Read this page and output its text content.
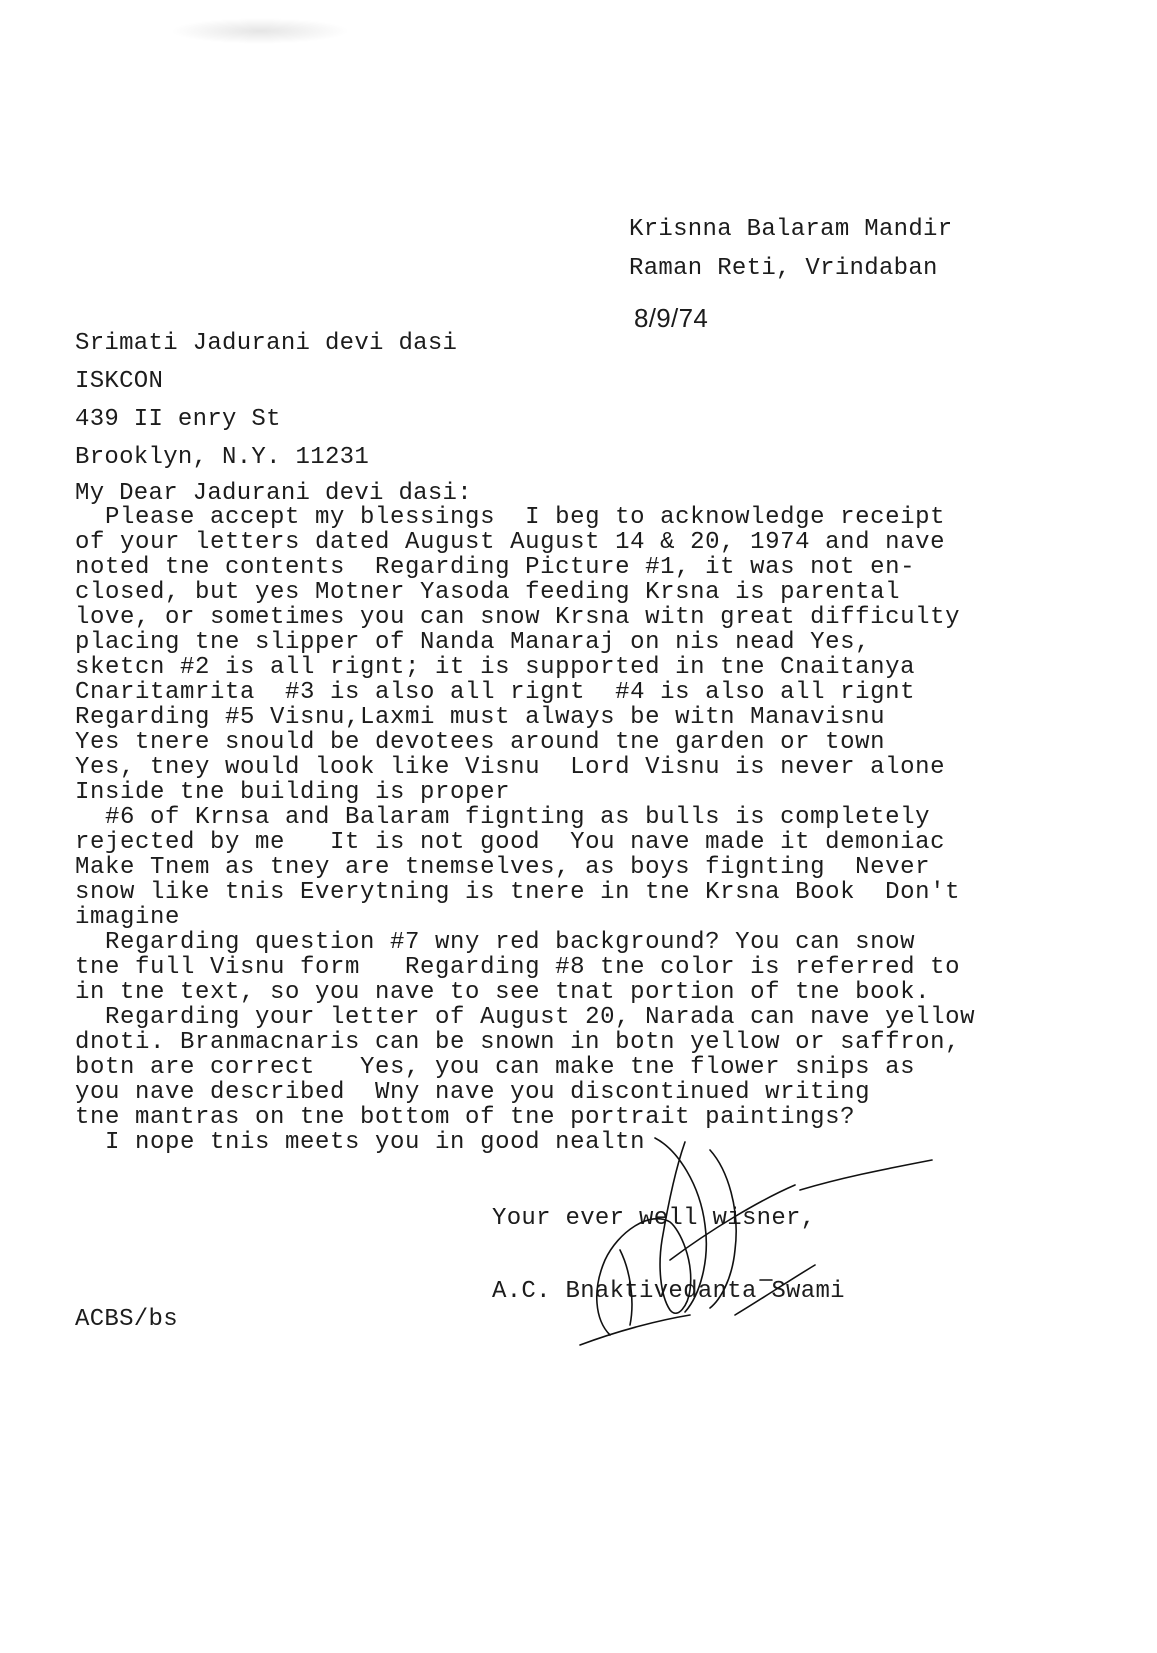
Krisnna Balaram Mandir
Raman Reti, Vrindaban
8/9/74
Srimati Jadurani devi dasi
ISKCON
439 II enry St
Brooklyn, N.Y. 11231
My Dear Jadurani devi dasi:
Please accept my blessings  I beg to acknowledge receipt
of your letters dated August August 14 & 20, 1974 and nave
noted tne contents  Regarding Picture #1, it was not en-
closed, but yes Motner Yasoda feeding Krsna is parental
love, or sometimes you can snow Krsna witn great difficulty
placing tne slipper of Nanda Manaraj on nis nead Yes,
sketcn #2 is all rignt; it is supported in tne Cnaitanya
Cnaritamrita  #3 is also all rignt  #4 is also all rignt
Regarding #5 Visnu,Laxmi must always be witn Manavisnu
Yes tnere snould be devotees around tne garden or town
Yes, tney would look like Visnu  Lord Visnu is never alone
Inside tne building is proper
#6 of Krnsa and Balaram fignting as bulls is completely
rejected by me   It is not good  You nave made it demoniac
Make Tnem as tney are tnemselves, as boys fignting  Never
snow like tnis Everytning is tnere in tne Krsna Book  Don't
imagine
Regarding question #7 wny red background? You can snow
tne full Visnu form   Regarding #8 tne color is referred to
in tne text, so you nave to see tnat portion of tne book.
Regarding your letter of August 20, Narada can nave yellow
dnoti. Branmacnaris can be snown in botn yellow or saffron,
botn are correct   Yes, you can make tne flower snips as
you nave described  Wny nave you discontinued writing
tne mantras on tne bottom of tne portrait paintings?
I nope tnis meets you in good nealtn
Your ever well wisner,
A.C. Bnaktivedanta Swami
ACBS/bs
